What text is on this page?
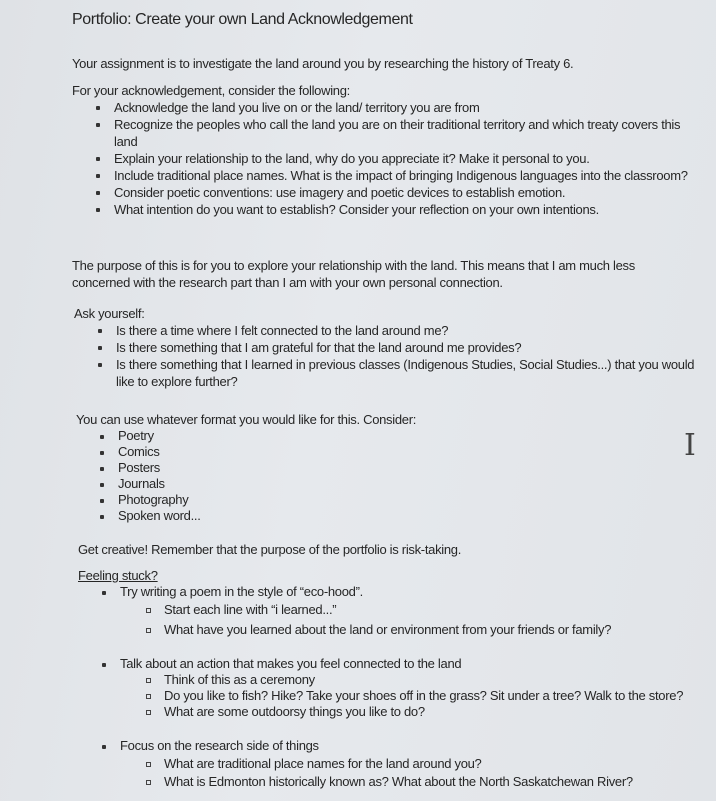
Portfolio: Create your own Land Acknowledgement
Your assignment is to investigate the land around you by researching the history of Treaty 6.
For your acknowledgement, consider the following:
Acknowledge the land you live on or the land/ territory you are from
Recognize the peoples who call the land you are on their traditional territory and which treaty covers this land
Explain your relationship to the land, why do you appreciate it? Make it personal to you.
Include traditional place names. What is the impact of bringing Indigenous languages into the classroom?
Consider poetic conventions: use imagery and poetic devices to establish emotion.
What intention do you want to establish? Consider your reflection on your own intentions.
The purpose of this is for you to explore your relationship with the land. This means that I am much less concerned with the research part than I am with your own personal connection.
Ask yourself:
Is there a time where I felt connected to the land around me?
Is there something that I am grateful for that the land around me provides?
Is there something that I learned in previous classes (Indigenous Studies, Social Studies...) that you would like to explore further?
You can use whatever format you would like for this. Consider:
Poetry
Comics
Posters
Journals
Photography
Spoken word...
Get creative! Remember that the purpose of the portfolio is risk-taking.
Feeling stuck?
Try writing a poem in the style of “eco-hood”.
Start each line with “i learned...”
What have you learned about the land or environment from your friends or family?
Talk about an action that makes you feel connected to the land
Think of this as a ceremony
Do you like to fish? Hike? Take your shoes off in the grass? Sit under a tree? Walk to the store?
What are some outdoorsy things you like to do?
Focus on the research side of things
What are traditional place names for the land around you?
What is Edmonton historically known as? What about the North Saskatchewan River?
I
